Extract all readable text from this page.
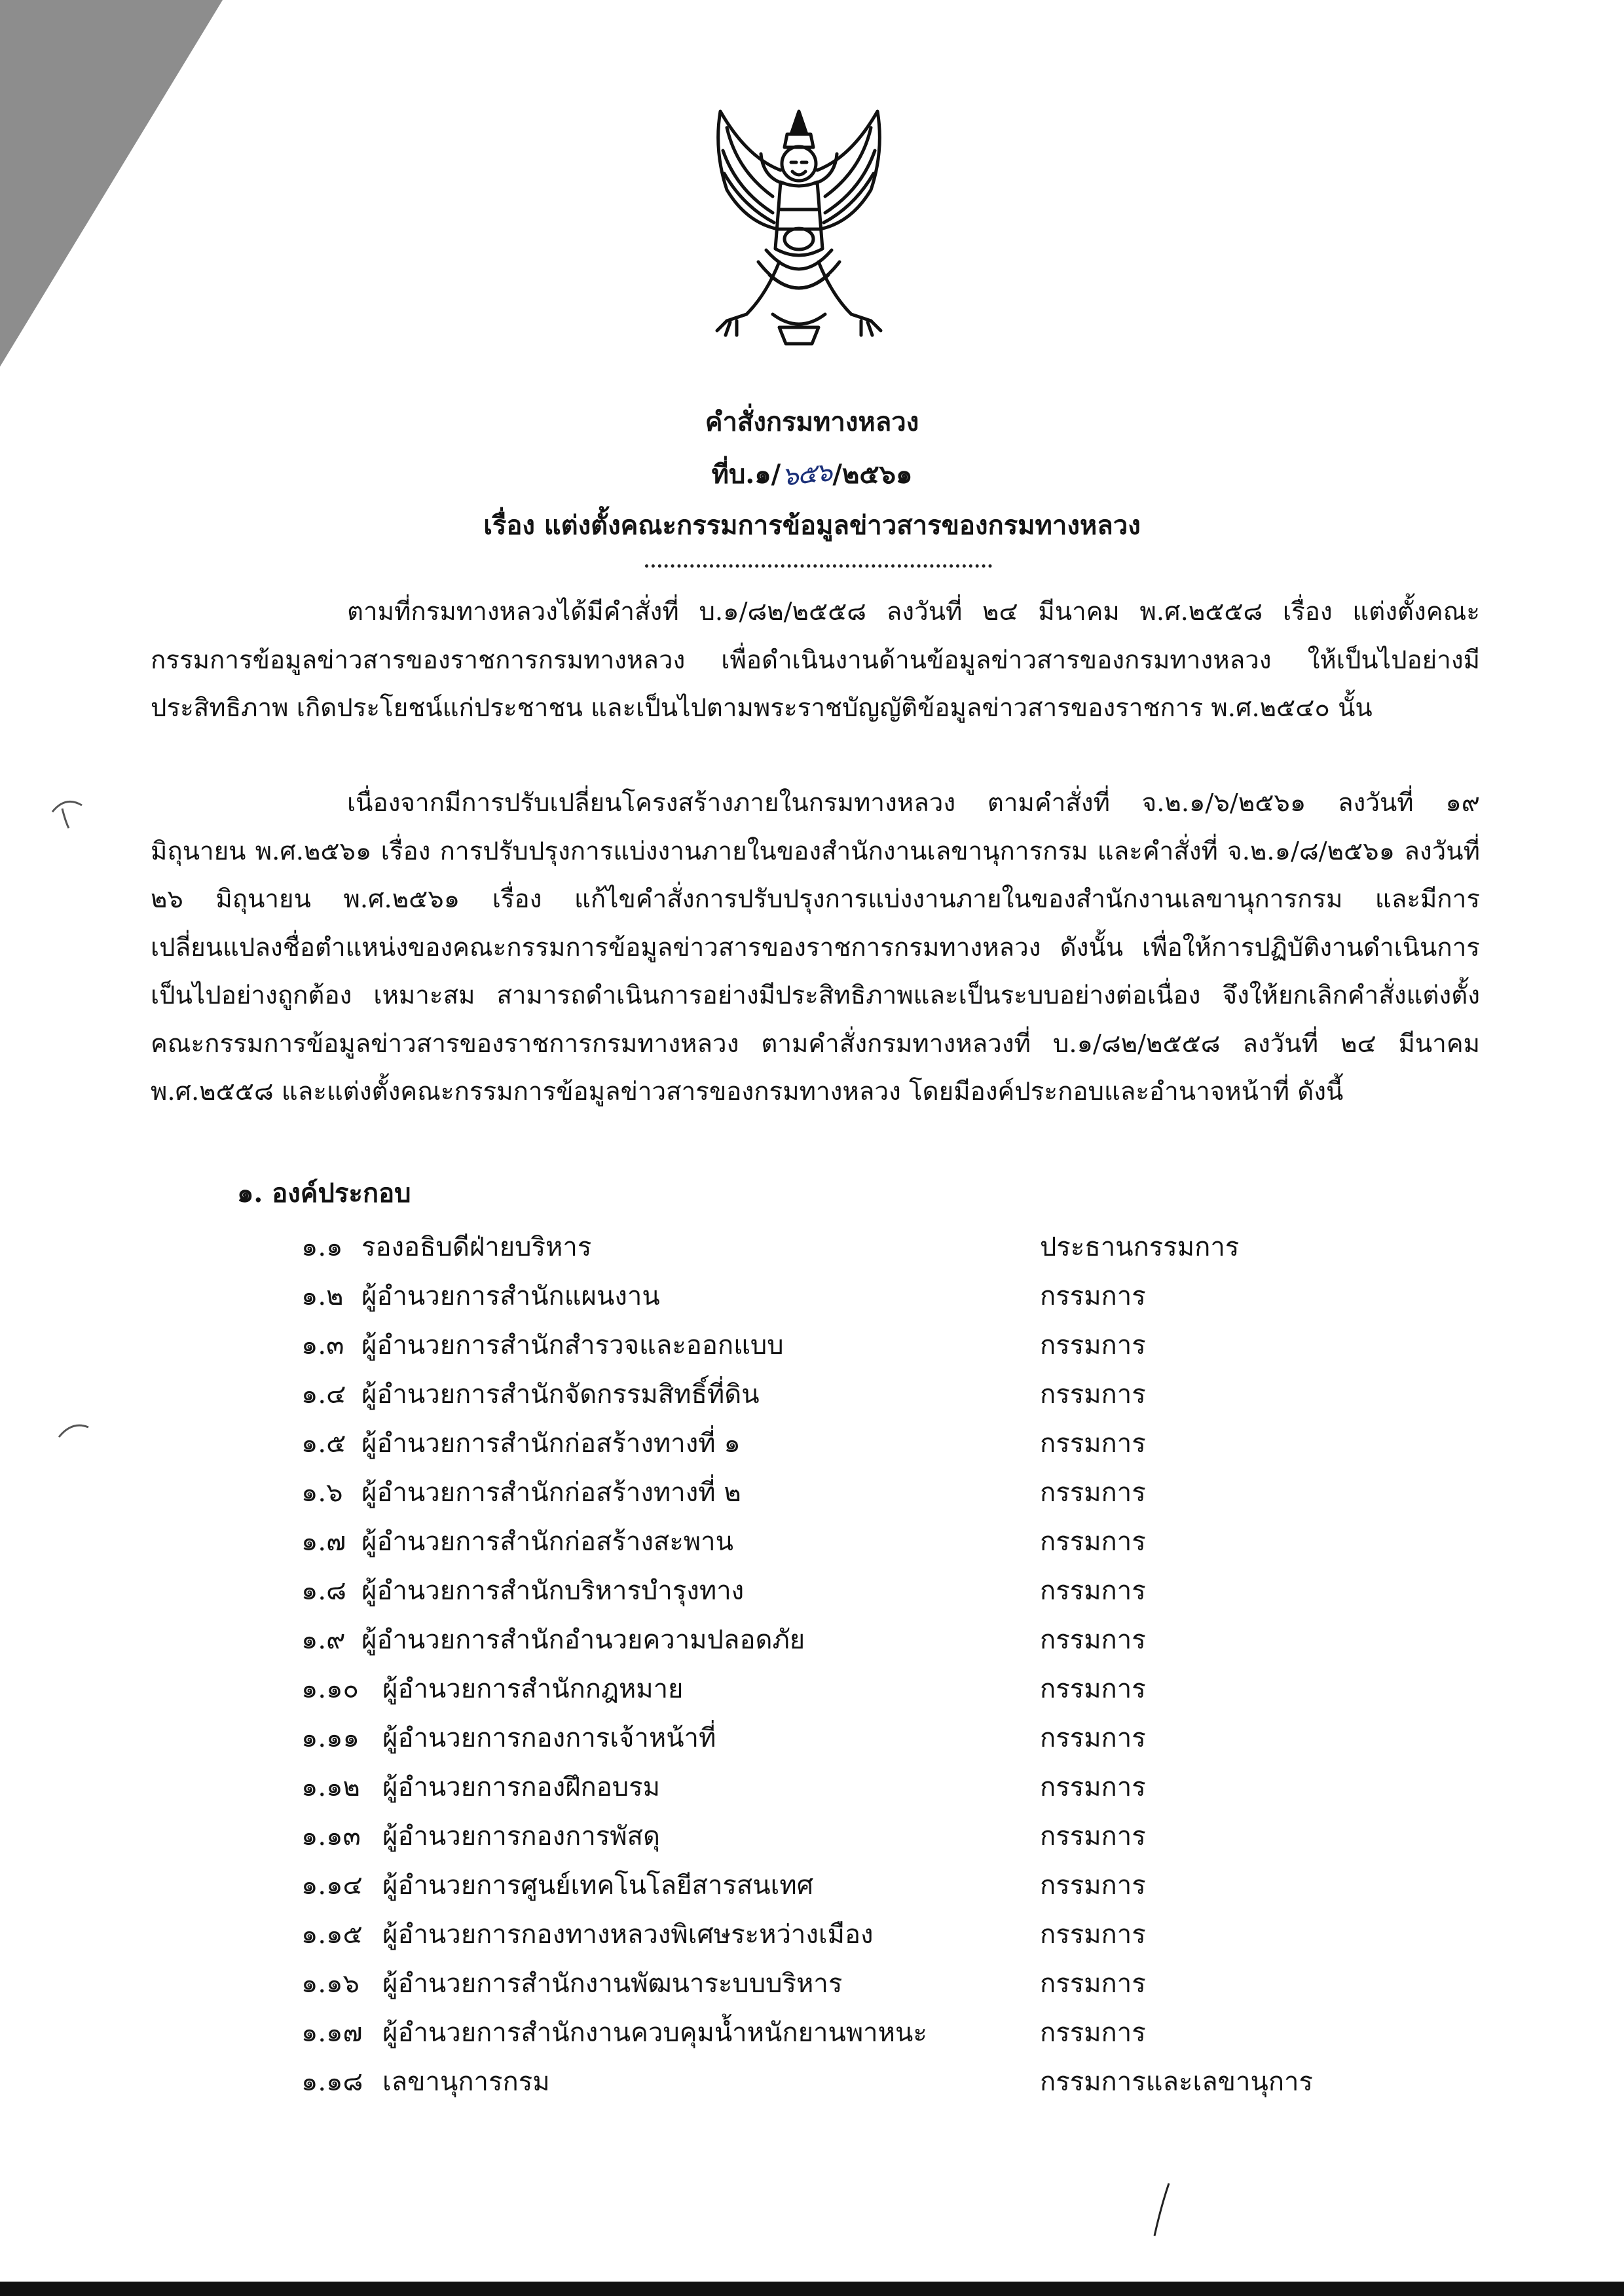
คำสั่งกรมทางหลวง
ที่บ.๑/ ๖๕๖ /๒๕๖๑
เรื่อง แต่งตั้งคณะกรรมการข้อมูลข่าวสารของกรมทางหลวง

ตามที่กรมทางหลวงได้มีคำสั่งที่ บ.๑/๘๒/๒๕๕๘ ลงวันที่ ๒๔ มีนาคม พ.ศ.๒๕๕๘ เรื่อง แต่งตั้งคณะกรรมการข้อมูลข่าวสารของราชการกรมทางหลวง เพื่อดำเนินงานด้านข้อมูลข่าวสารของกรมทางหลวง ให้เป็นไปอย่างมีประสิทธิภาพ เกิดประโยชน์แก่ประชาชน และเป็นไปตามพระราชบัญญัติข้อมูลข่าวสารของราชการ พ.ศ.๒๕๔๐ นั้น

เนื่องจากมีการปรับเปลี่ยนโครงสร้างภายในกรมทางหลวง ตามคำสั่งที่ จ.๒.๑/๖/๒๕๖๑ ลงวันที่ ๑๙ มิถุนายน พ.ศ.๒๕๖๑ เรื่อง การปรับปรุงการแบ่งงานภายในของสำนักงานเลขานุการกรม และคำสั่งที่ จ.๒.๑/๘/๒๕๖๑ ลงวันที่ ๒๖ มิถุนายน พ.ศ.๒๕๖๑ เรื่อง แก้ไขคำสั่งการปรับปรุงการแบ่งงานภายในของสำนักงานเลขานุการกรม และมีการเปลี่ยนแปลงชื่อตำแหน่งของคณะกรรมการข้อมูลข่าวสารของราชการกรมทางหลวง ดังนั้น เพื่อให้การปฏิบัติงานดำเนินการเป็นไปอย่างถูกต้อง เหมาะสม สามารถดำเนินการอย่างมีประสิทธิภาพและเป็นระบบอย่างต่อเนื่อง จึงให้ยกเลิกคำสั่งแต่งตั้งคณะกรรมการข้อมูลข่าวสารของราชการกรมทางหลวง ตามคำสั่งกรมทางหลวงที่ บ.๑/๘๒/๒๕๕๘ ลงวันที่ ๒๔ มีนาคม พ.ศ.๒๕๕๘ และแต่งตั้งคณะกรรมการข้อมูลข่าวสารของกรมทางหลวง โดยมีองค์ประกอบและอำนาจหน้าที่ ดังนี้

๑. องค์ประกอบ
๑.๑ รองอธิบดีฝ่ายบริหาร	ประธานกรรมการ
๑.๒ ผู้อำนวยการสำนักแผนงาน	กรรมการ
๑.๓ ผู้อำนวยการสำนักสำรวจและออกแบบ	กรรมการ
๑.๔ ผู้อำนวยการสำนักจัดกรรมสิทธิ์ที่ดิน	กรรมการ
๑.๕ ผู้อำนวยการสำนักก่อสร้างทางที่ ๑	กรรมการ
๑.๖ ผู้อำนวยการสำนักก่อสร้างทางที่ ๒	กรรมการ
๑.๗ ผู้อำนวยการสำนักก่อสร้างสะพาน	กรรมการ
๑.๘ ผู้อำนวยการสำนักบริหารบำรุงทาง	กรรมการ
๑.๙ ผู้อำนวยการสำนักอำนวยความปลอดภัย	กรรมการ
๑.๑๐ ผู้อำนวยการสำนักกฎหมาย	กรรมการ
๑.๑๑ ผู้อำนวยการกองการเจ้าหน้าที่	กรรมการ
๑.๑๒ ผู้อำนวยการกองฝึกอบรม	กรรมการ
๑.๑๓ ผู้อำนวยการกองการพัสดุ	กรรมการ
๑.๑๔ ผู้อำนวยการศูนย์เทคโนโลยีสารสนเทศ	กรรมการ
๑.๑๕ ผู้อำนวยการกองทางหลวงพิเศษระหว่างเมือง	กรรมการ
๑.๑๖ ผู้อำนวยการสำนักงานพัฒนาระบบบริหาร	กรรมการ
๑.๑๗ ผู้อำนวยการสำนักงานควบคุมน้ำหนักยานพาหนะ	กรรมการ
๑.๑๘ เลขานุการกรม	กรรมการและเลขานุการ
